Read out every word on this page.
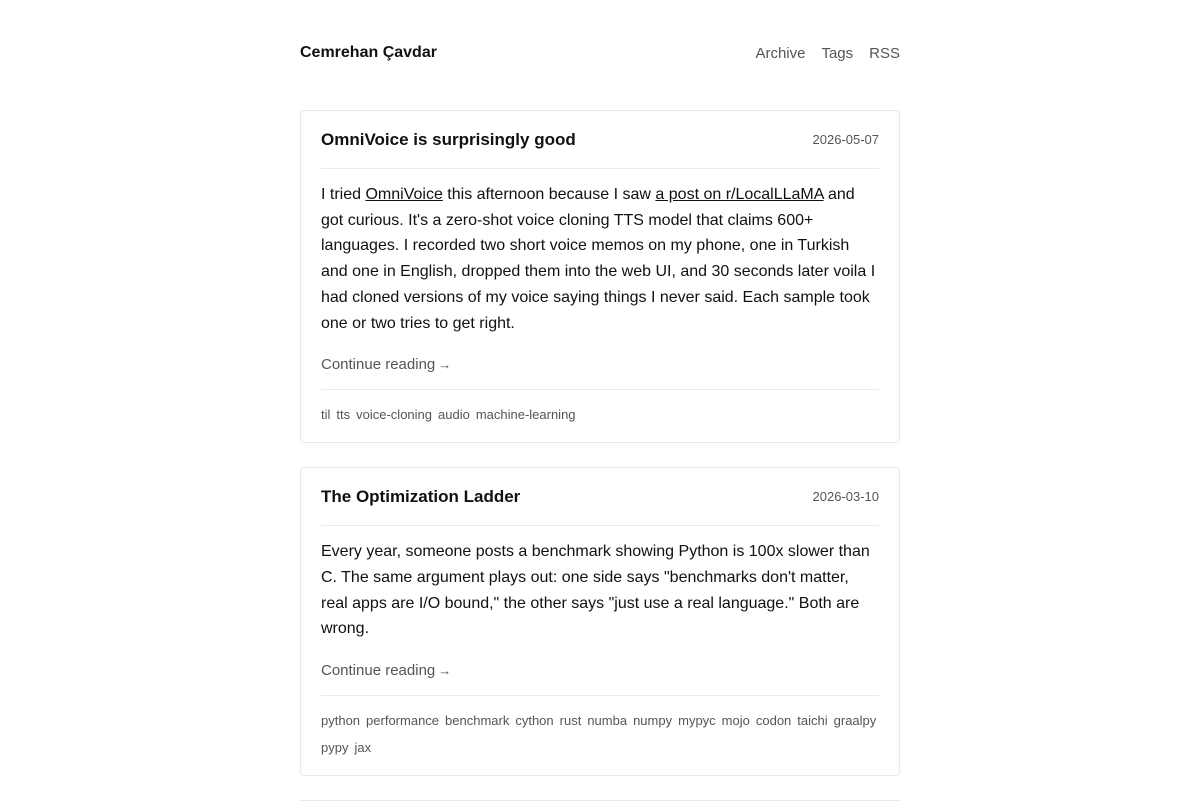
Cemrehan Çavdar	Archive Tags RSS
OmniVoice is surprisingly good	2026-05-07

I tried OmniVoice this afternoon because I saw a post on r/LocalLLaMA and got curious. It's a zero-shot voice cloning TTS model that claims 600+ languages. I recorded two short voice memos on my phone, one in Turkish and one in English, dropped them into the web UI, and 30 seconds later voila I had cloned versions of my voice saying things I never said. Each sample took one or two tries to get right.

Continue reading →
til tts voice-cloning audio machine-learning
The Optimization Ladder	2026-03-10

Every year, someone posts a benchmark showing Python is 100x slower than C. The same argument plays out: one side says "benchmarks don't matter, real apps are I/O bound," the other says "just use a real language." Both are wrong.

Continue reading →
python performance benchmark cython rust numba numpy mypyc mojo codon taichi graalpy
pypy jax
